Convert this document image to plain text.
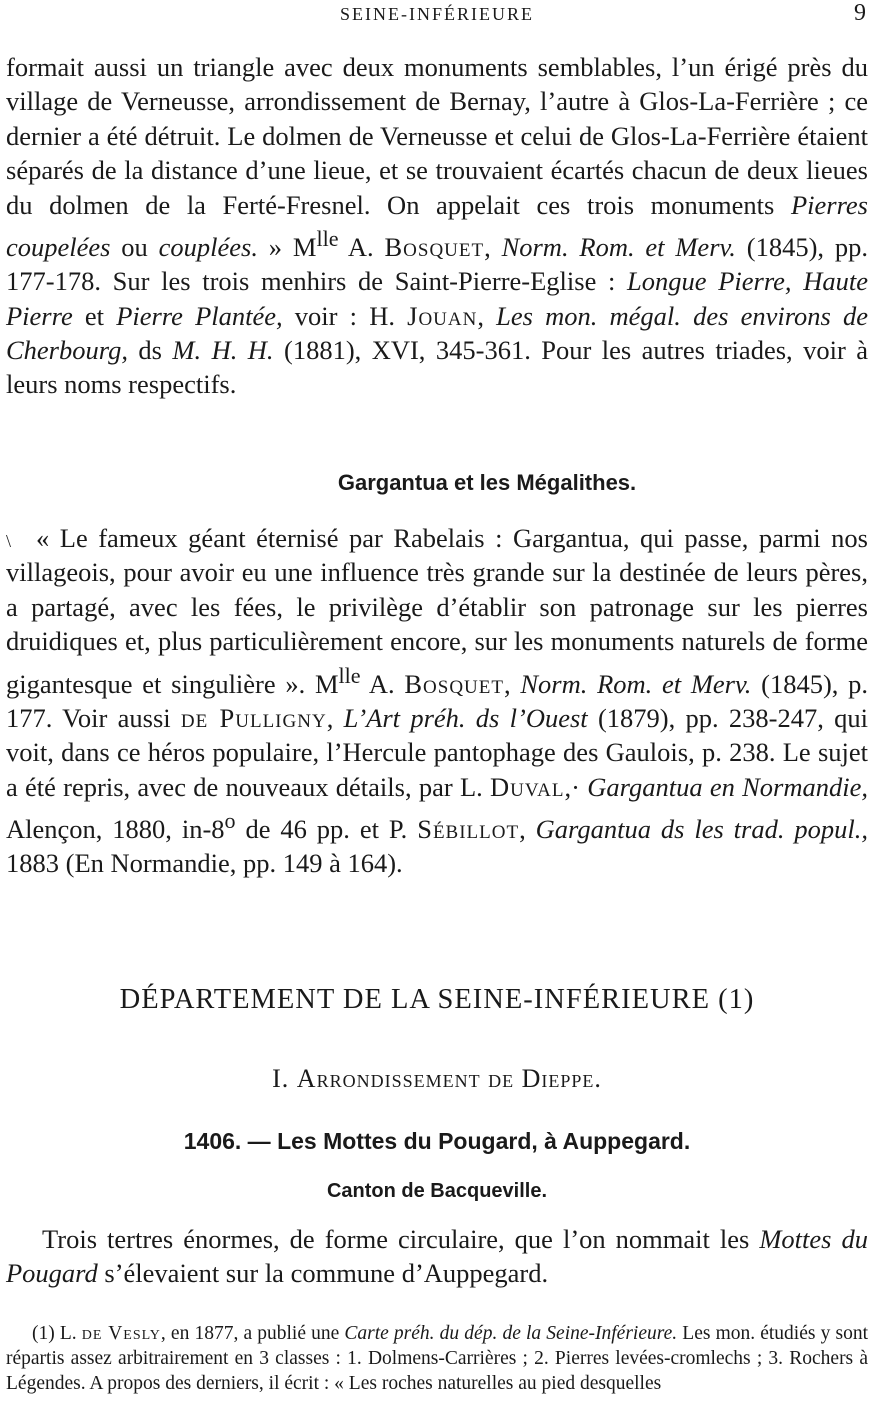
SEINE-INFÉRIEURE	9

formait aussi un triangle avec deux monuments semblables, l’un érigé près du village de Verneusse, arrondissement de Bernay, l’autre à Glos-La-Ferrière ; ce dernier a été détruit. Le dolmen de Verneusse et celui de Glos-La-Ferrière étaient séparés de la distance d’une lieue, et se trouvaient écartés chacun de deux lieues du dolmen de la Ferté-Fresnel. On appelait ces trois monuments Pierres coupelées ou couplées. » $M^{lle}$ A. Bosquet, Norm. Rom. et Merv. (1845), pp. 177-178. Sur les trois menhirs de Saint-Pierre-Eglise : Longue Pierre, Haute Pierre et Pierre Plantée, voir : H. Jouan, Les mon. mégal. des environs de Cherbourg, ds M. H. H. (1881), XVI, 345-361. Pour les autres triades, voir à leurs noms respectifs.

Gargantua et les Mégalithes.
\ « Le fameux géant éternisé par Rabelais : Gargantua, qui passe, parmi nos villageois, pour avoir eu une influence très grande sur la destinée de leurs pères, a partagé, avec les fées, le privilège d’établir son patronage sur les pierres druidiques et, plus particulièrement encore, sur les monuments naturels de forme gigantesque et singulière ». $M^{lle}$ A. Bosquet, Norm. Rom. et Merv. (1845), p. 177. Voir aussi de Pulligny, L’Art préh. ds l’Ouest (1879), pp. 238-247, qui voit, dans ce héros populaire, l’Hercule pantophage des Gaulois, p. 238. Le sujet a été repris, avec de nouveaux détails, par L. Duval,· Gargantua en Normandie, Alençon, 1880, in-8$^o$ de 46 pp. et P. Sébillot, Gargantua ds les trad. popul., 1883 (En Normandie, pp. 149 à 164).

DÉPARTEMENT DE LA SEINE-INFÉRIEURE (1)
I. Arrondissement de Dieppe.
1406. — Les Mottes du Pougard, à Auppegard.
Canton de Bacqueville.

Trois tertres énormes, de forme circulaire, que l’on nommait les Mottes du Pougard s’élevaient sur la commune d’Auppegard.

(1) L. de Vesly, en 1877, a publié une Carte préh. du dép. de la Seine-Inférieure. Les mon. étudiés y sont répartis assez arbitrairement en 3 classes : 1. Dolmens-Carrières ; 2. Pierres levées-cromlechs ; 3. Rochers à Légendes. A propos des derniers, il écrit : « Les roches naturelles au pied desquelles
